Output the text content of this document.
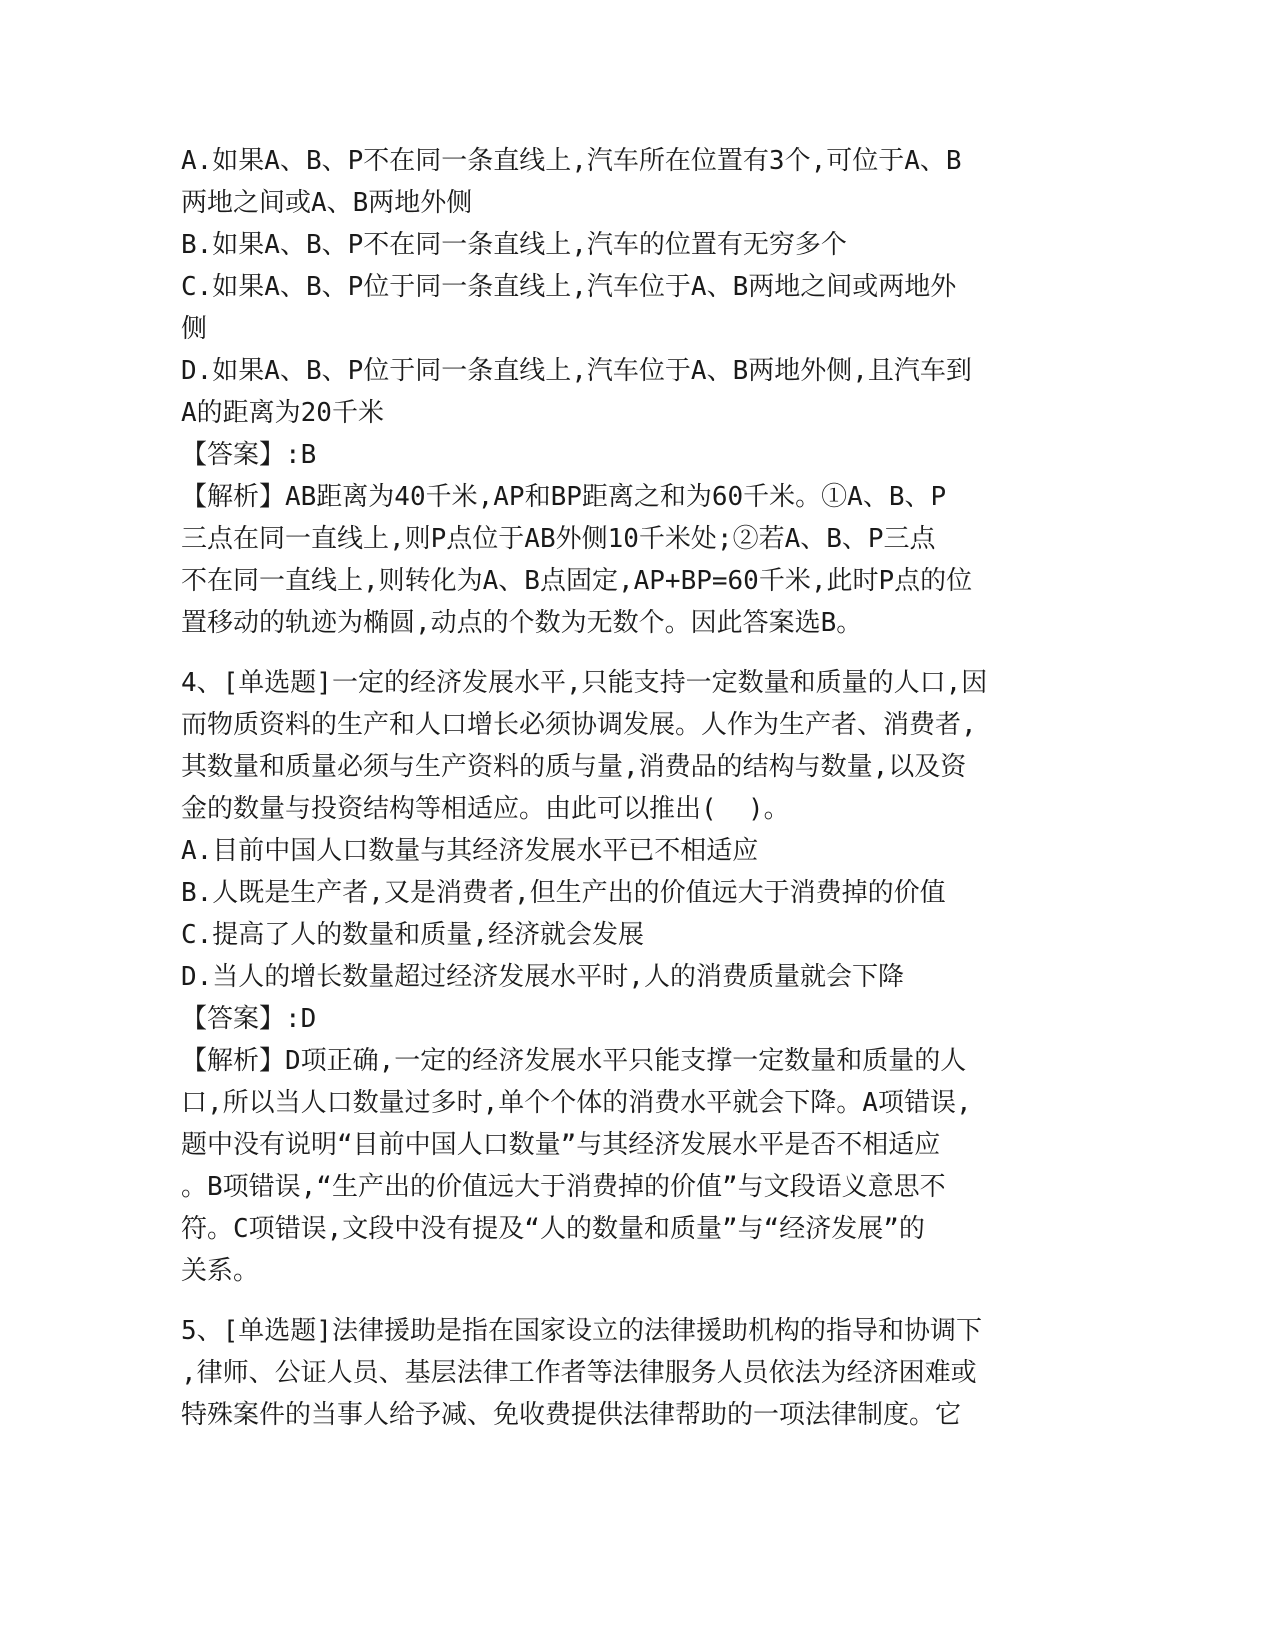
A.如果A、B、P不在同一条直线上,汽车所在位置有3个,可位于A、B
两地之间或A、B两地外侧
B.如果A、B、P不在同一条直线上,汽车的位置有无穷多个
C.如果A、B、P位于同一条直线上,汽车位于A、B两地之间或两地外
侧
D.如果A、B、P位于同一条直线上,汽车位于A、B两地外侧,且汽车到
A的距离为20千米
【答案】:B
【解析】AB距离为40千米,AP和BP距离之和为60千米。①A、B、P
三点在同一直线上,则P点位于AB外侧10千米处;②若A、B、P三点
不在同一直线上,则转化为A、B点固定,AP+BP=60千米,此时P点的位
置移动的轨迹为椭圆,动点的个数为无数个。因此答案选B。
4、[单选题]一定的经济发展水平,只能支持一定数量和质量的人口,因
而物质资料的生产和人口增长必须协调发展。人作为生产者、消费者,
其数量和质量必须与生产资料的质与量,消费品的结构与数量,以及资
金的数量与投资结构等相适应。由此可以推出(  )。
A.目前中国人口数量与其经济发展水平已不相适应
B.人既是生产者,又是消费者,但生产出的价值远大于消费掉的价值
C.提高了人的数量和质量,经济就会发展
D.当人的增长数量超过经济发展水平时,人的消费质量就会下降
【答案】:D
【解析】D项正确,一定的经济发展水平只能支撑一定数量和质量的人
口,所以当人口数量过多时,单个个体的消费水平就会下降。A项错误,
题中没有说明“目前中国人口数量”与其经济发展水平是否不相适应
。B项错误,“生产出的价值远大于消费掉的价值”与文段语义意思不
符。C项错误,文段中没有提及“人的数量和质量”与“经济发展”的
关系。
5、[单选题]法律援助是指在国家设立的法律援助机构的指导和协调下
,律师、公证人员、基层法律工作者等法律服务人员依法为经济困难或
特殊案件的当事人给予减、免收费提供法律帮助的一项法律制度。它
